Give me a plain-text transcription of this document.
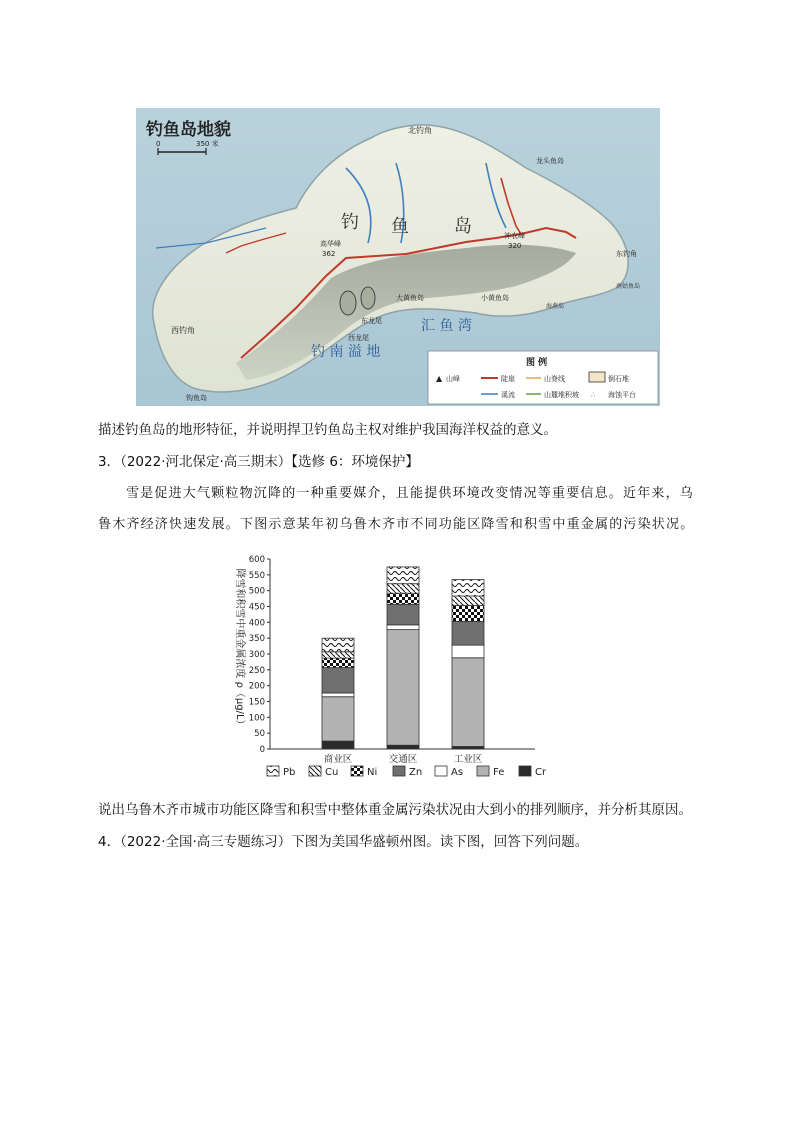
钓鱼岛地貌
0	350 米
北钓角
龙头鱼岛
钓 鱼	岛
高华峰
362
神农峰
320
东钓角
南姑鱼岛
西钓角
东龙尾
西龙尾
大黄鱼岛	小黄鱼岛
海燕岛
汇 鱼 湾
钓 南 溢 地
钩鱼岛
图 例
▲ 山峰	陡崖	山脊线	倒石堆
溪流	山麓堆积坡 ∴ 海蚀平台
描述钓鱼岛的地形特征，并说明捍卫钓鱼岛主权对维护我国海洋权益的意义。
3．（2022·河北保定·高三期末）【选修 6：环境保护】
雪是促进大气颗粒物沉降的一种重要媒介，且能提供环境改变情况等重要信息。近年来，乌鲁木齐经济快速发展。下图示意某年初乌鲁木齐市不同功能区降雪和积雪中重金属的污染状况。
0
50
100
150
200
250
300
350
400
450
500
550
600
降雪和积雪中重金属浓度 ρ（μg/L）
商业区	交通区	工业区
Pb	Cu	Ni	Zn	As	Fe	Cr
说出乌鲁木齐市城市功能区降雪和积雪中整体重金属污染状况由大到小的排列顺序，并分析其原因。
4．（2022·全国·高三专题练习）下图为美国华盛顿州图。读下图，回答下列问题。
